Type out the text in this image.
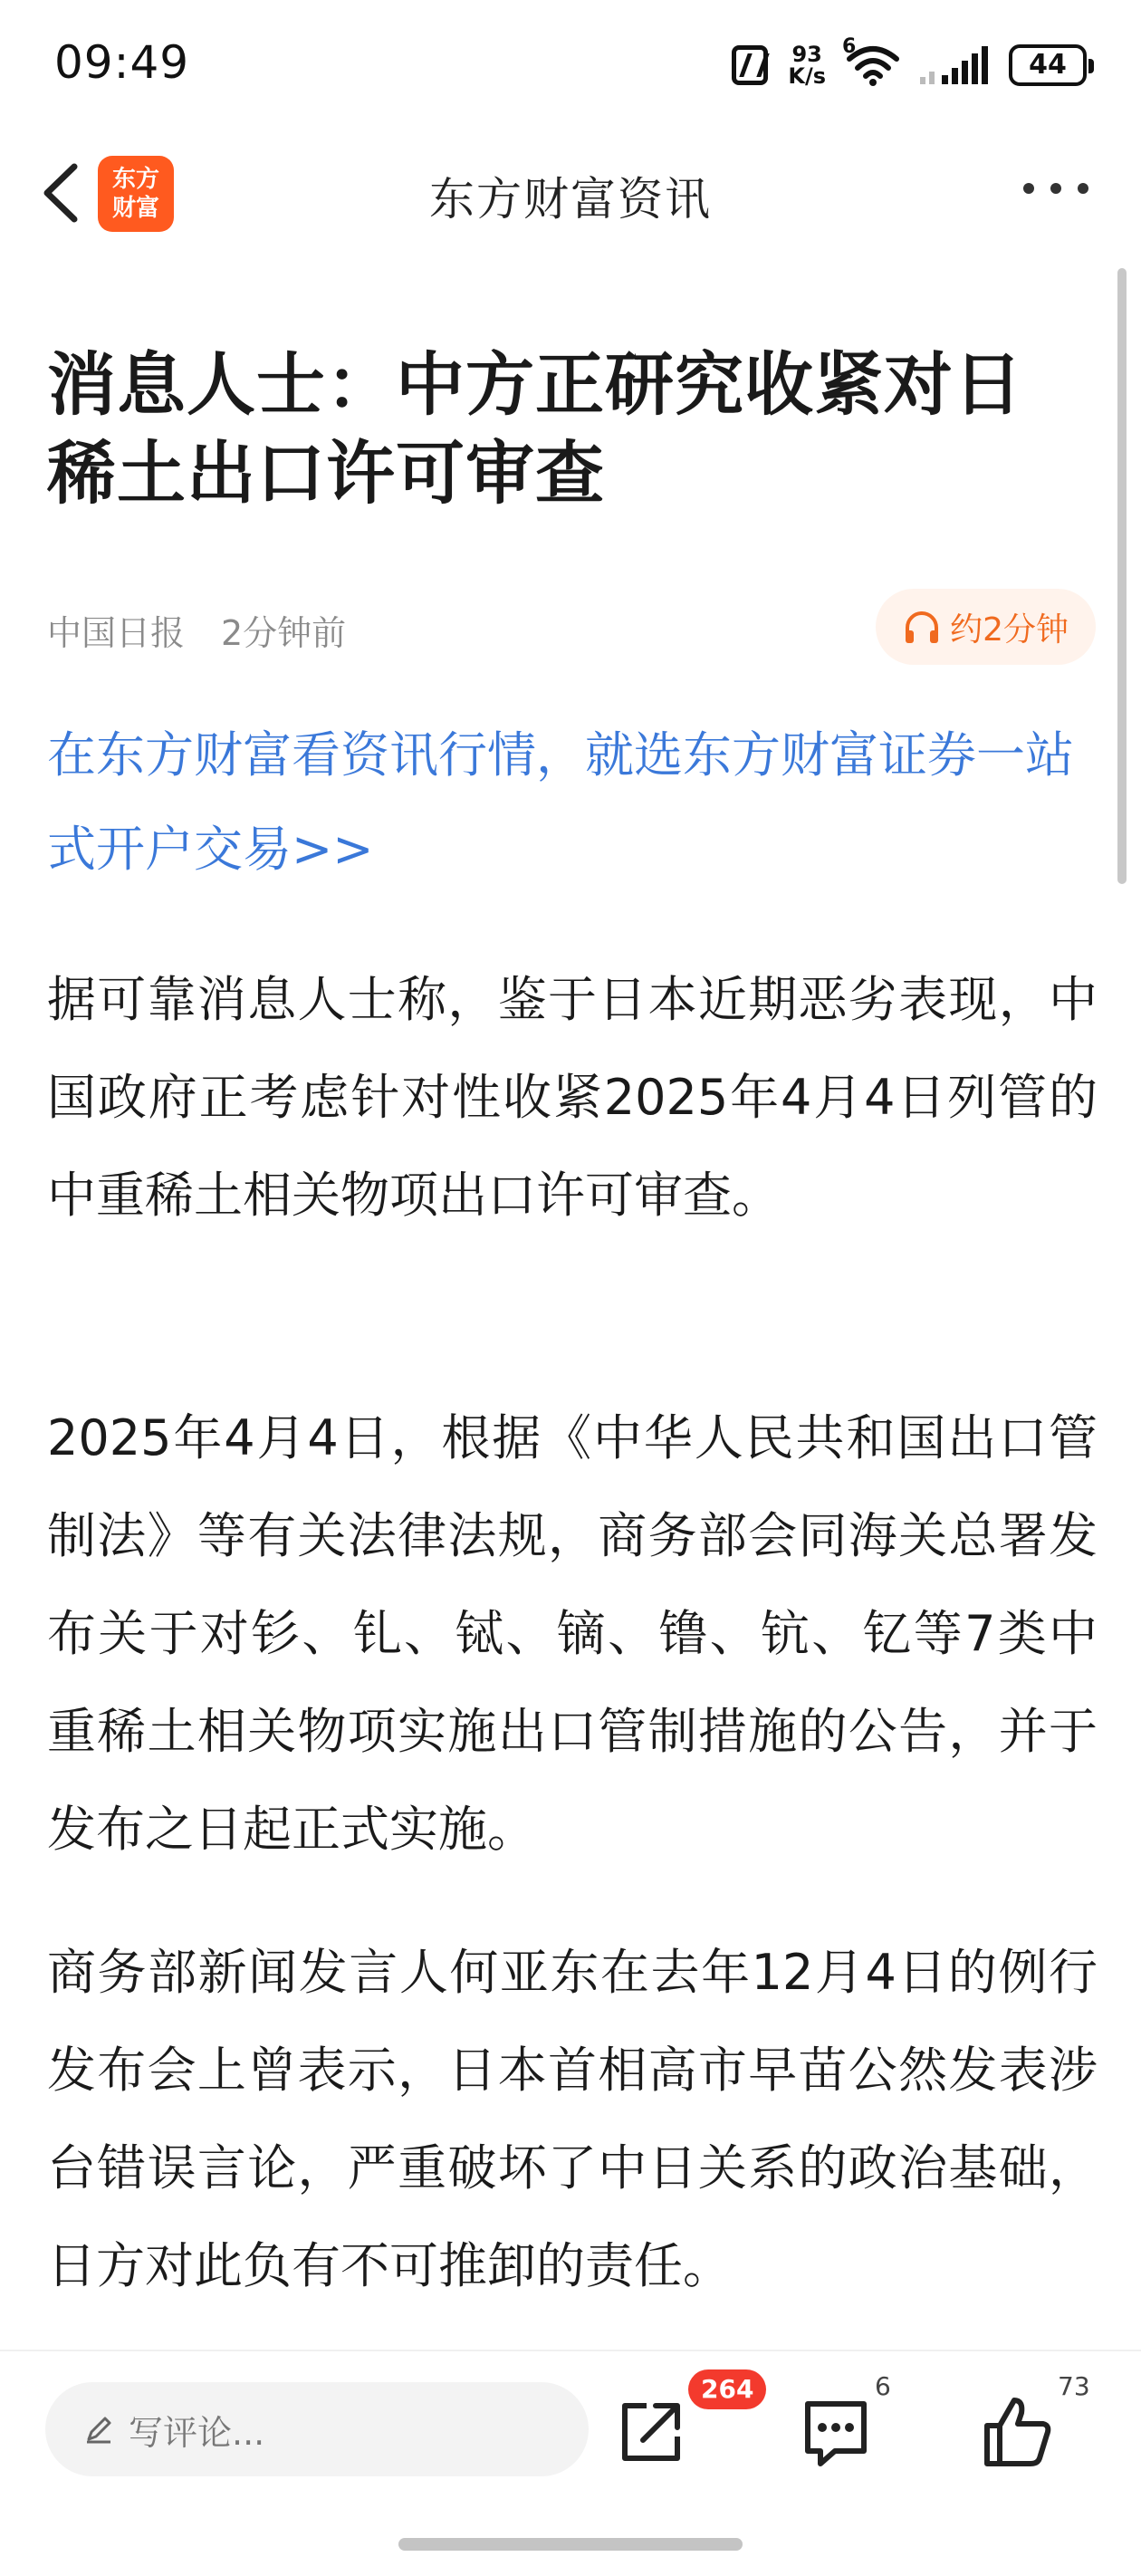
09:49	93
K/s
6
44
东方
财富	东方财富资讯
消息人士：中方正研究收紧对日稀土出口许可审查
中国日报 2分钟前	约2分钟
在东方财富看资讯行情，就选东方财富证券一站式开户交易>>
据可靠消息人士称，鉴于日本近期恶劣表现，中国政府正考虑针对性收紧2025年4月4日列管的中重稀土相关物项出口许可审查。
2025年4月4日，根据《中华人民共和国出口管制法》等有关法律法规，商务部会同海关总署发布关于对钐、钆、铽、镝、镥、钪、钇等7类中重稀土相关物项实施出口管制措施的公告，并于发布之日起正式实施。
商务部新闻发言人何亚东在去年12月4日的例行发布会上曾表示，日本首相高市早苗公然发表涉台错误言论，严重破坏了中日关系的政治基础，日方对此负有不可推卸的责任。
写评论...
264	6	73
